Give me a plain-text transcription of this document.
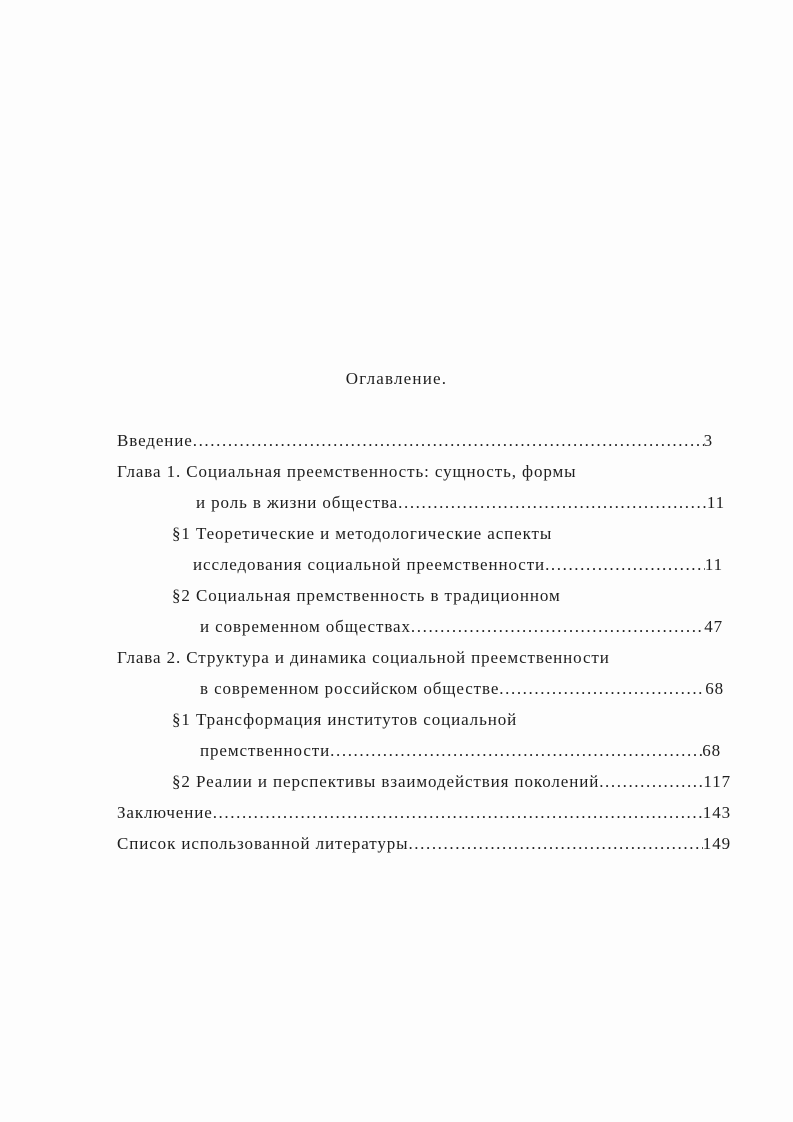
Оглавление.
Введение .....	3
Глава 1. Социальная преемственность: сущность, формы
и роль в жизни общества .....	11
§1 Теоретические и методологические аспекты
исследования социальной преемственности .....	11
§2 Социальная премственность в традиционном
и современном обществах .....	47
Глава 2. Структура и динамика социальной преемственности
в современном российском обществе .....	68
§1 Трансформация институтов социальной
премственности .....	68
§2 Реалии и перспективы взаимодействия поколений .....	117
Заключение .....	143
Список использованной литературы .....	149
